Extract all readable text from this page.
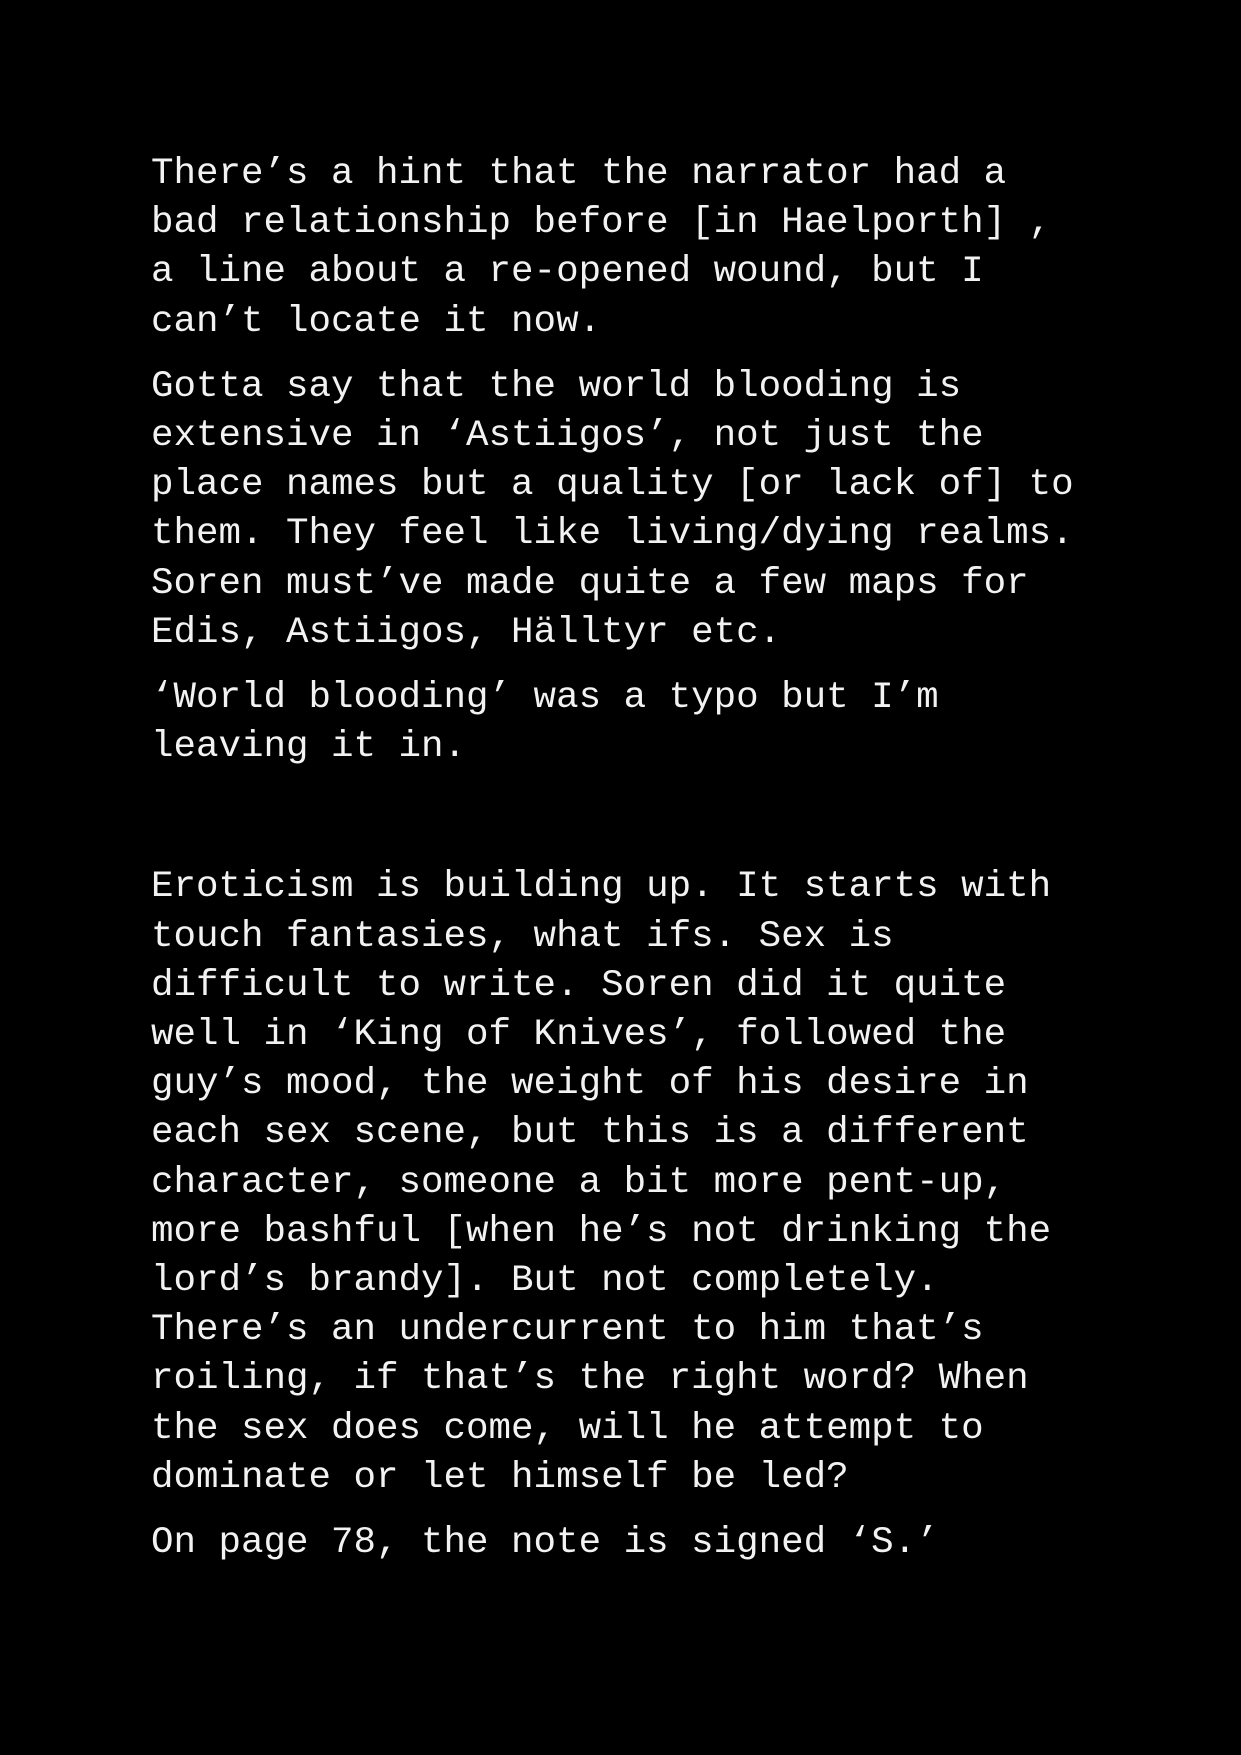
There’s a hint that the narrator had a
bad relationship before [in Haelporth] ,
a line about a re-opened wound, but I
can’t locate it now.

Gotta say that the world blooding is
extensive in ‘Astiigos’, not just the
place names but a quality [or lack of] to
them. They feel like living/dying realms.
Soren must’ve made quite a few maps for
Edis, Astiigos, Hälltyr etc.

‘World blooding’ was a typo but I’m
leaving it in.

Eroticism is building up. It starts with
touch fantasies, what ifs. Sex is
difficult to write. Soren did it quite
well in ‘King of Knives’, followed the
guy’s mood, the weight of his desire in
each sex scene, but this is a different
character, someone a bit more pent-up,
more bashful [when he’s not drinking the
lord’s brandy]. But not completely.
There’s an undercurrent to him that’s
roiling, if that’s the right word? When
the sex does come, will he attempt to
dominate or let himself be led?

On page 78, the note is signed ‘S.’
